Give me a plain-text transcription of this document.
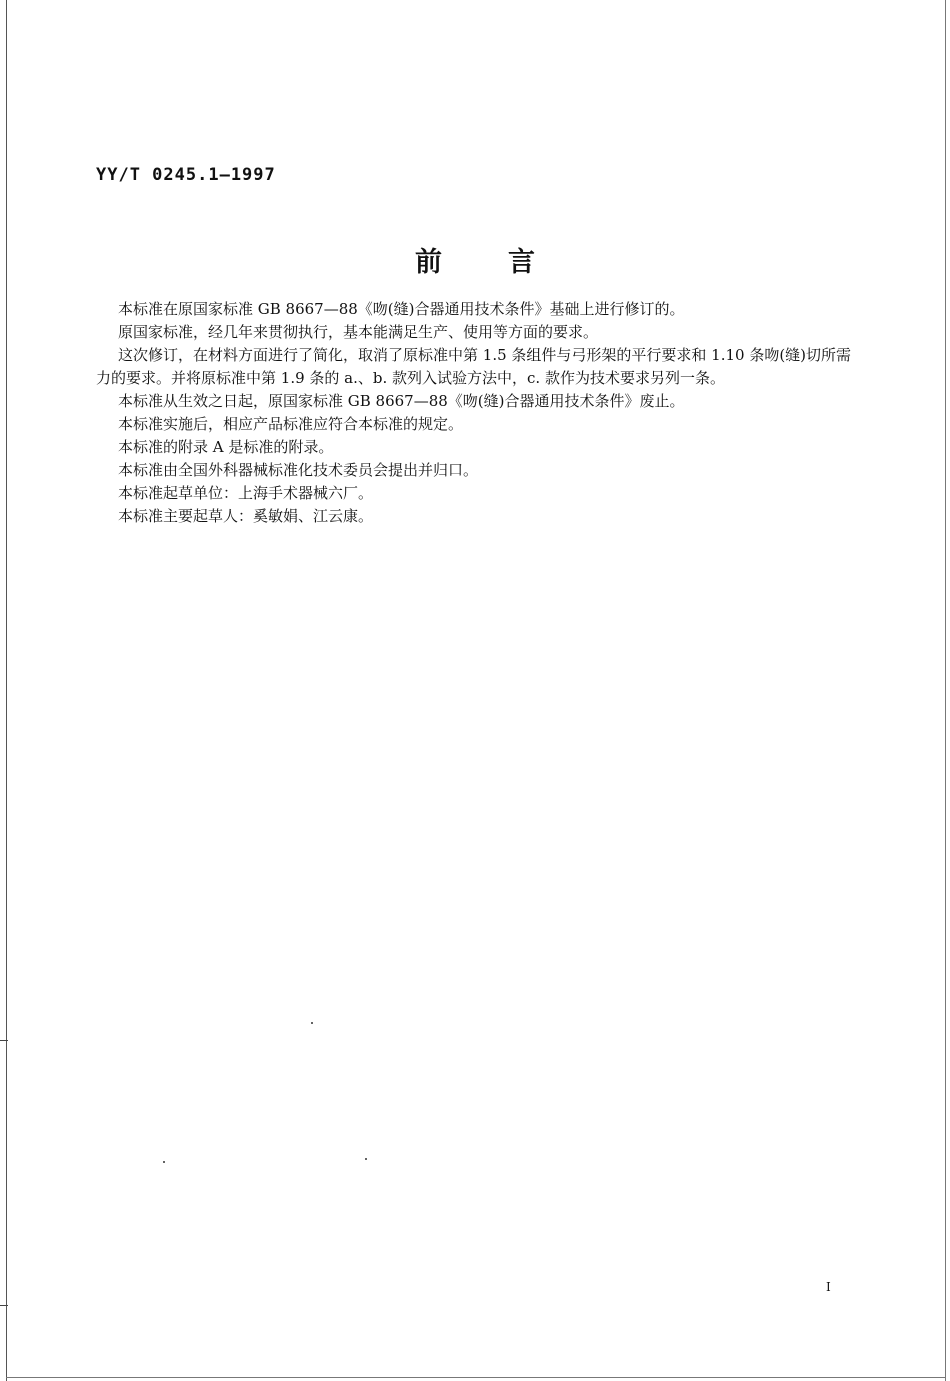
YY/T 0245.1—1997
前 言

本标准在原国家标准 GB 8667—88《吻(缝)合器通用技术条件》基础上进行修订的。

原国家标准，经几年来贯彻执行，基本能满足生产、使用等方面的要求。

这次修订，在材料方面进行了简化，取消了原标准中第 1.5 条组件与弓形架的平行要求和 1.10 条吻(缝)切所需力的要求。并将原标准中第 1.9 条的 a.、b. 款列入试验方法中，c. 款作为技术要求另列一条。

本标准从生效之日起，原国家标准 GB 8667—88《吻(缝)合器通用技术条件》废止。

本标准实施后，相应产品标准应符合本标准的规定。

本标准的附录 A 是标准的附录。

本标准由全国外科器械标准化技术委员会提出并归口。

本标准起草单位：上海手术器械六厂。

本标准主要起草人：奚敏娟、江云康。

I
